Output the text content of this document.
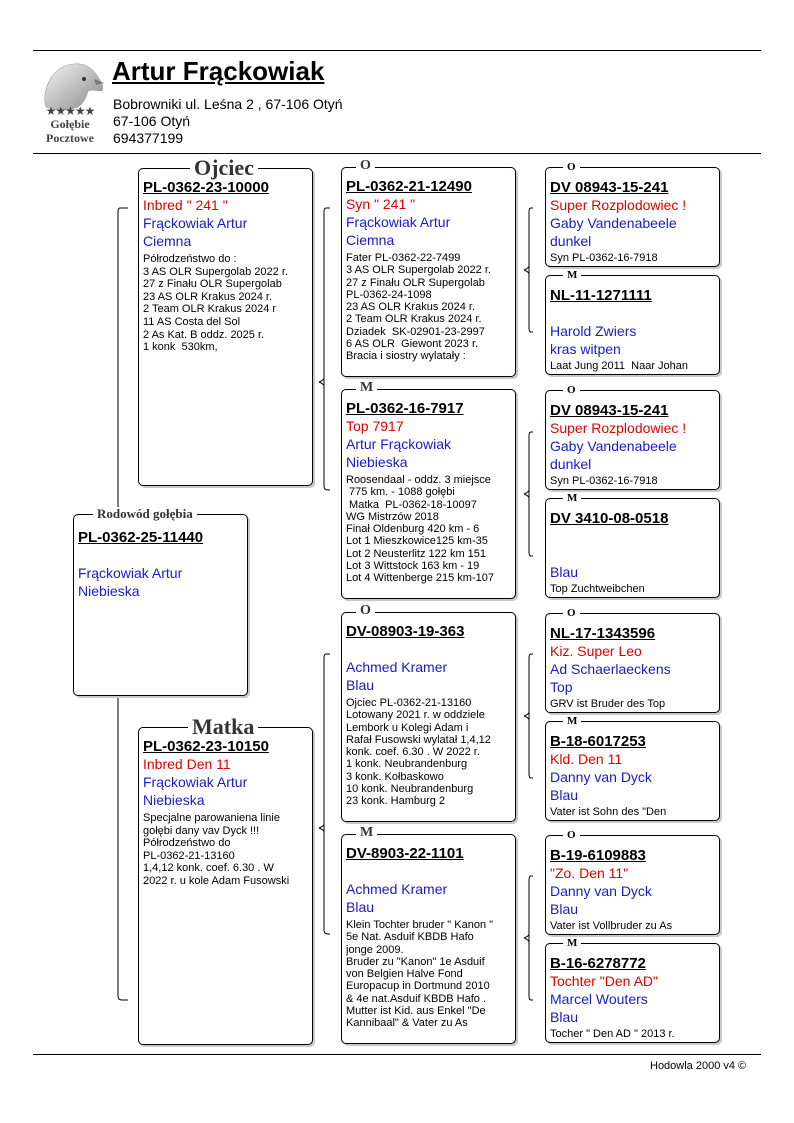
★★★★★
Gołębie
Pocztowe
Artur Frąckowiak
Bobrowniki ul. Leśna 2 , 67-106 Otyń
67-106 Otyń
694377199
PL-0362-25-11440
Frąckowiak Artur
Niebieska
Rodowód gołębia
PL-0362-23-10000
Inbred " 241 "
Frąckowiak Artur
Ciemna
Półrodzeństwo do :
3 AS OLR Supergolab 2022 r.
27 z Finału OLR Supergolab
23 AS OLR Krakus 2024 r.
2 Team OLR Krakus 2024 r
11 AS Costa del Sol
2 As Kat. B oddz. 2025 r.
1 konk  530km,
Ojciec
PL-0362-23-10150
Inbred Den 11
Frąckowiak Artur
Niebieska
Specjalne parowaniena linie
gołębi dany vav Dyck !!!
Półrodzeństwo do
PL-0362-21-13160
1,4,12 konk. coef. 6.30 . W
2022 r. u kole Adam Fusowski
Matka
PL-0362-21-12490
Syn " 241 "
Frąckowiak Artur
Ciemna
Fater PL-0362-22-7499
3 AS OLR Supergolab 2022 r.
27 z Finału OLR Supergolab
PL-0362-24-1098
23 AS OLR Krakus 2024 r.
2 Team OLR Krakus 2024 r.
Dziadek  SK-02901-23-2997
6 AS OLR  Giewont 2023 r.
Bracia i siostry wylatały :
O
PL-0362-16-7917
Top 7917
Artur Frąckowiak
Niebieska
Roosendaal - oddz. 3 miejsce
775 km. - 1088 gołębi
Matka  PL-0362-18-10097
WG Mistrzów 2018
Finał Oldenburg 420 km - 6
Lot 1 Mieszkowice125 km-35
Lot 2 Neusterlitz 122 km 151
Lot 3 Wittstock 163 km - 19
Lot 4 Wittenberge 215 km-107
M
DV-08903-19-363
Achmed Kramer
Blau
Ojciec PL-0362-21-13160
Lotowany 2021 r. w oddziele
Lembork u Kolegi Adam i
Rafał Fusowski wylatał 1,4,12
konk. coef. 6.30 . W 2022 r.
1 konk. Neubrandenburg
3 konk. Kołbaskowo
10 konk. Neubrandenburg
23 konk. Hamburg 2
O
DV-8903-22-1101
Achmed Kramer
Blau
Klein Tochter bruder " Kanon "
5e Nat. Asduif KBDB Hafo
jonge 2009.
Bruder zu "Kanon" 1e Asduif
von Belgien Halve Fond
Europacup in Dortmund 2010
& 4e nat.Asduif KBDB Hafo .
Mutter ist Kid. aus Enkel "De
Kannibaal" & Vater zu As
M
DV 08943-15-241
Super Rozplodowiec !
Gaby Vandenabeele
dunkel
Syn PL-0362-16-7918
O
NL-11-1271111
Harold Zwiers
kras witpen
Laat Jung 2011  Naar Johan
M
DV 08943-15-241
Super Rozplodowiec !
Gaby Vandenabeele
dunkel
Syn PL-0362-16-7918
O
DV 3410-08-0518
Blau
Top Zuchtweibchen
M
NL-17-1343596
Kiz. Super Leo
Ad Schaerlaeckens
Top
GRV ist Bruder des Top
O
B-18-6017253
Kld. Den 11
Danny van Dyck
Blau
Vater ist Sohn des "Den
M
B-19-6109883
"Zo. Den 11"
Danny van Dyck
Blau
Vater ist Vollbruder zu As
O
B-16-6278772
Tochter "Den AD"
Marcel Wouters
Blau
Tocher " Den AD " 2013 r.
M
Hodowla 2000 v4 ©
